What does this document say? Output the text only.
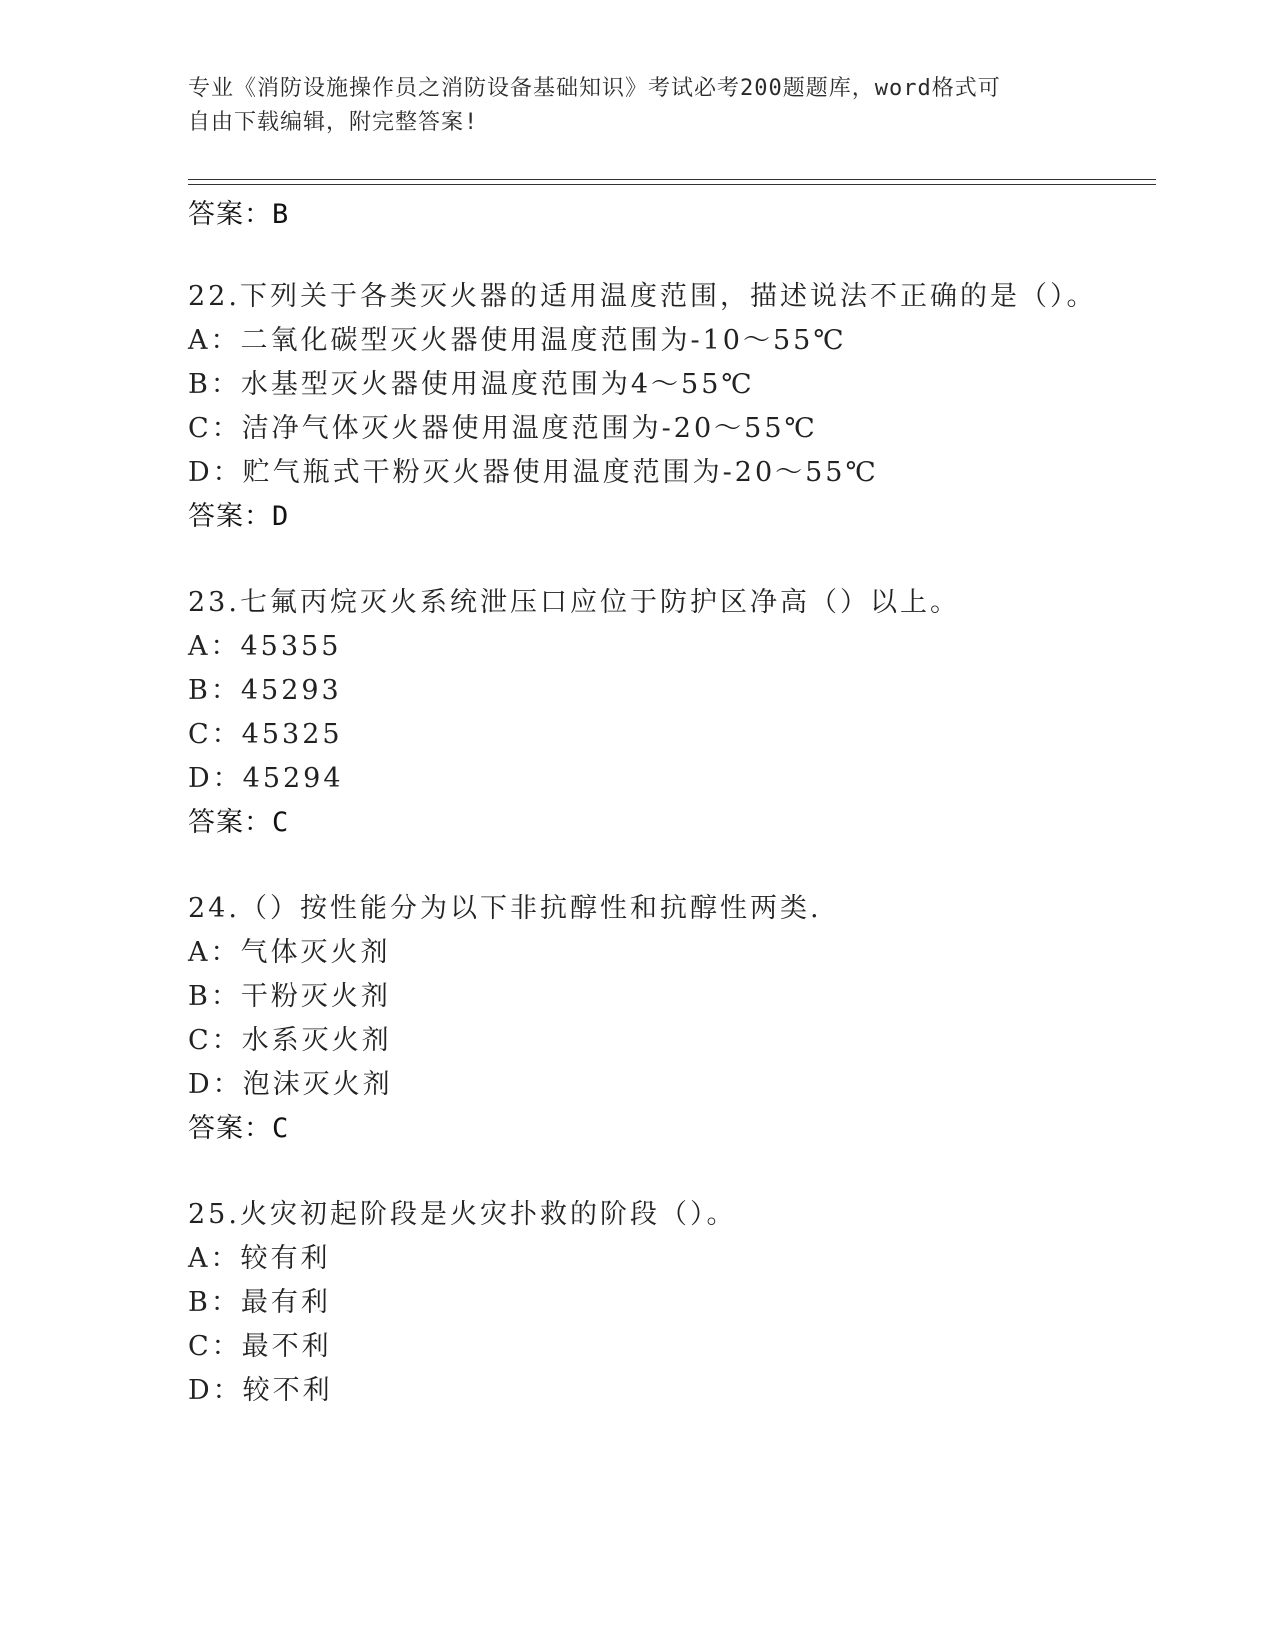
专业《消防设施操作员之消防设备基础知识》考试必考200题题库，word格式可
自由下载编辑，附完整答案!
答案：B
22.下列关于各类灭火器的适用温度范围，描述说法不正确的是（）。
A：二氧化碳型灭火器使用温度范围为-10～55℃
B：水基型灭火器使用温度范围为4～55℃
C：洁净气体灭火器使用温度范围为-20～55℃
D：贮气瓶式干粉灭火器使用温度范围为-20～55℃
答案：D
23.七氟丙烷灭火系统泄压口应位于防护区净高（）以上。
A：45355
B：45293
C：45325
D：45294
答案：C
24.（）按性能分为以下非抗醇性和抗醇性两类.
A：气体灭火剂
B：干粉灭火剂
C：水系灭火剂
D：泡沫灭火剂
答案：C
25.火灾初起阶段是火灾扑救的阶段（）。
A：较有利
B：最有利
C：最不利
D：较不利
